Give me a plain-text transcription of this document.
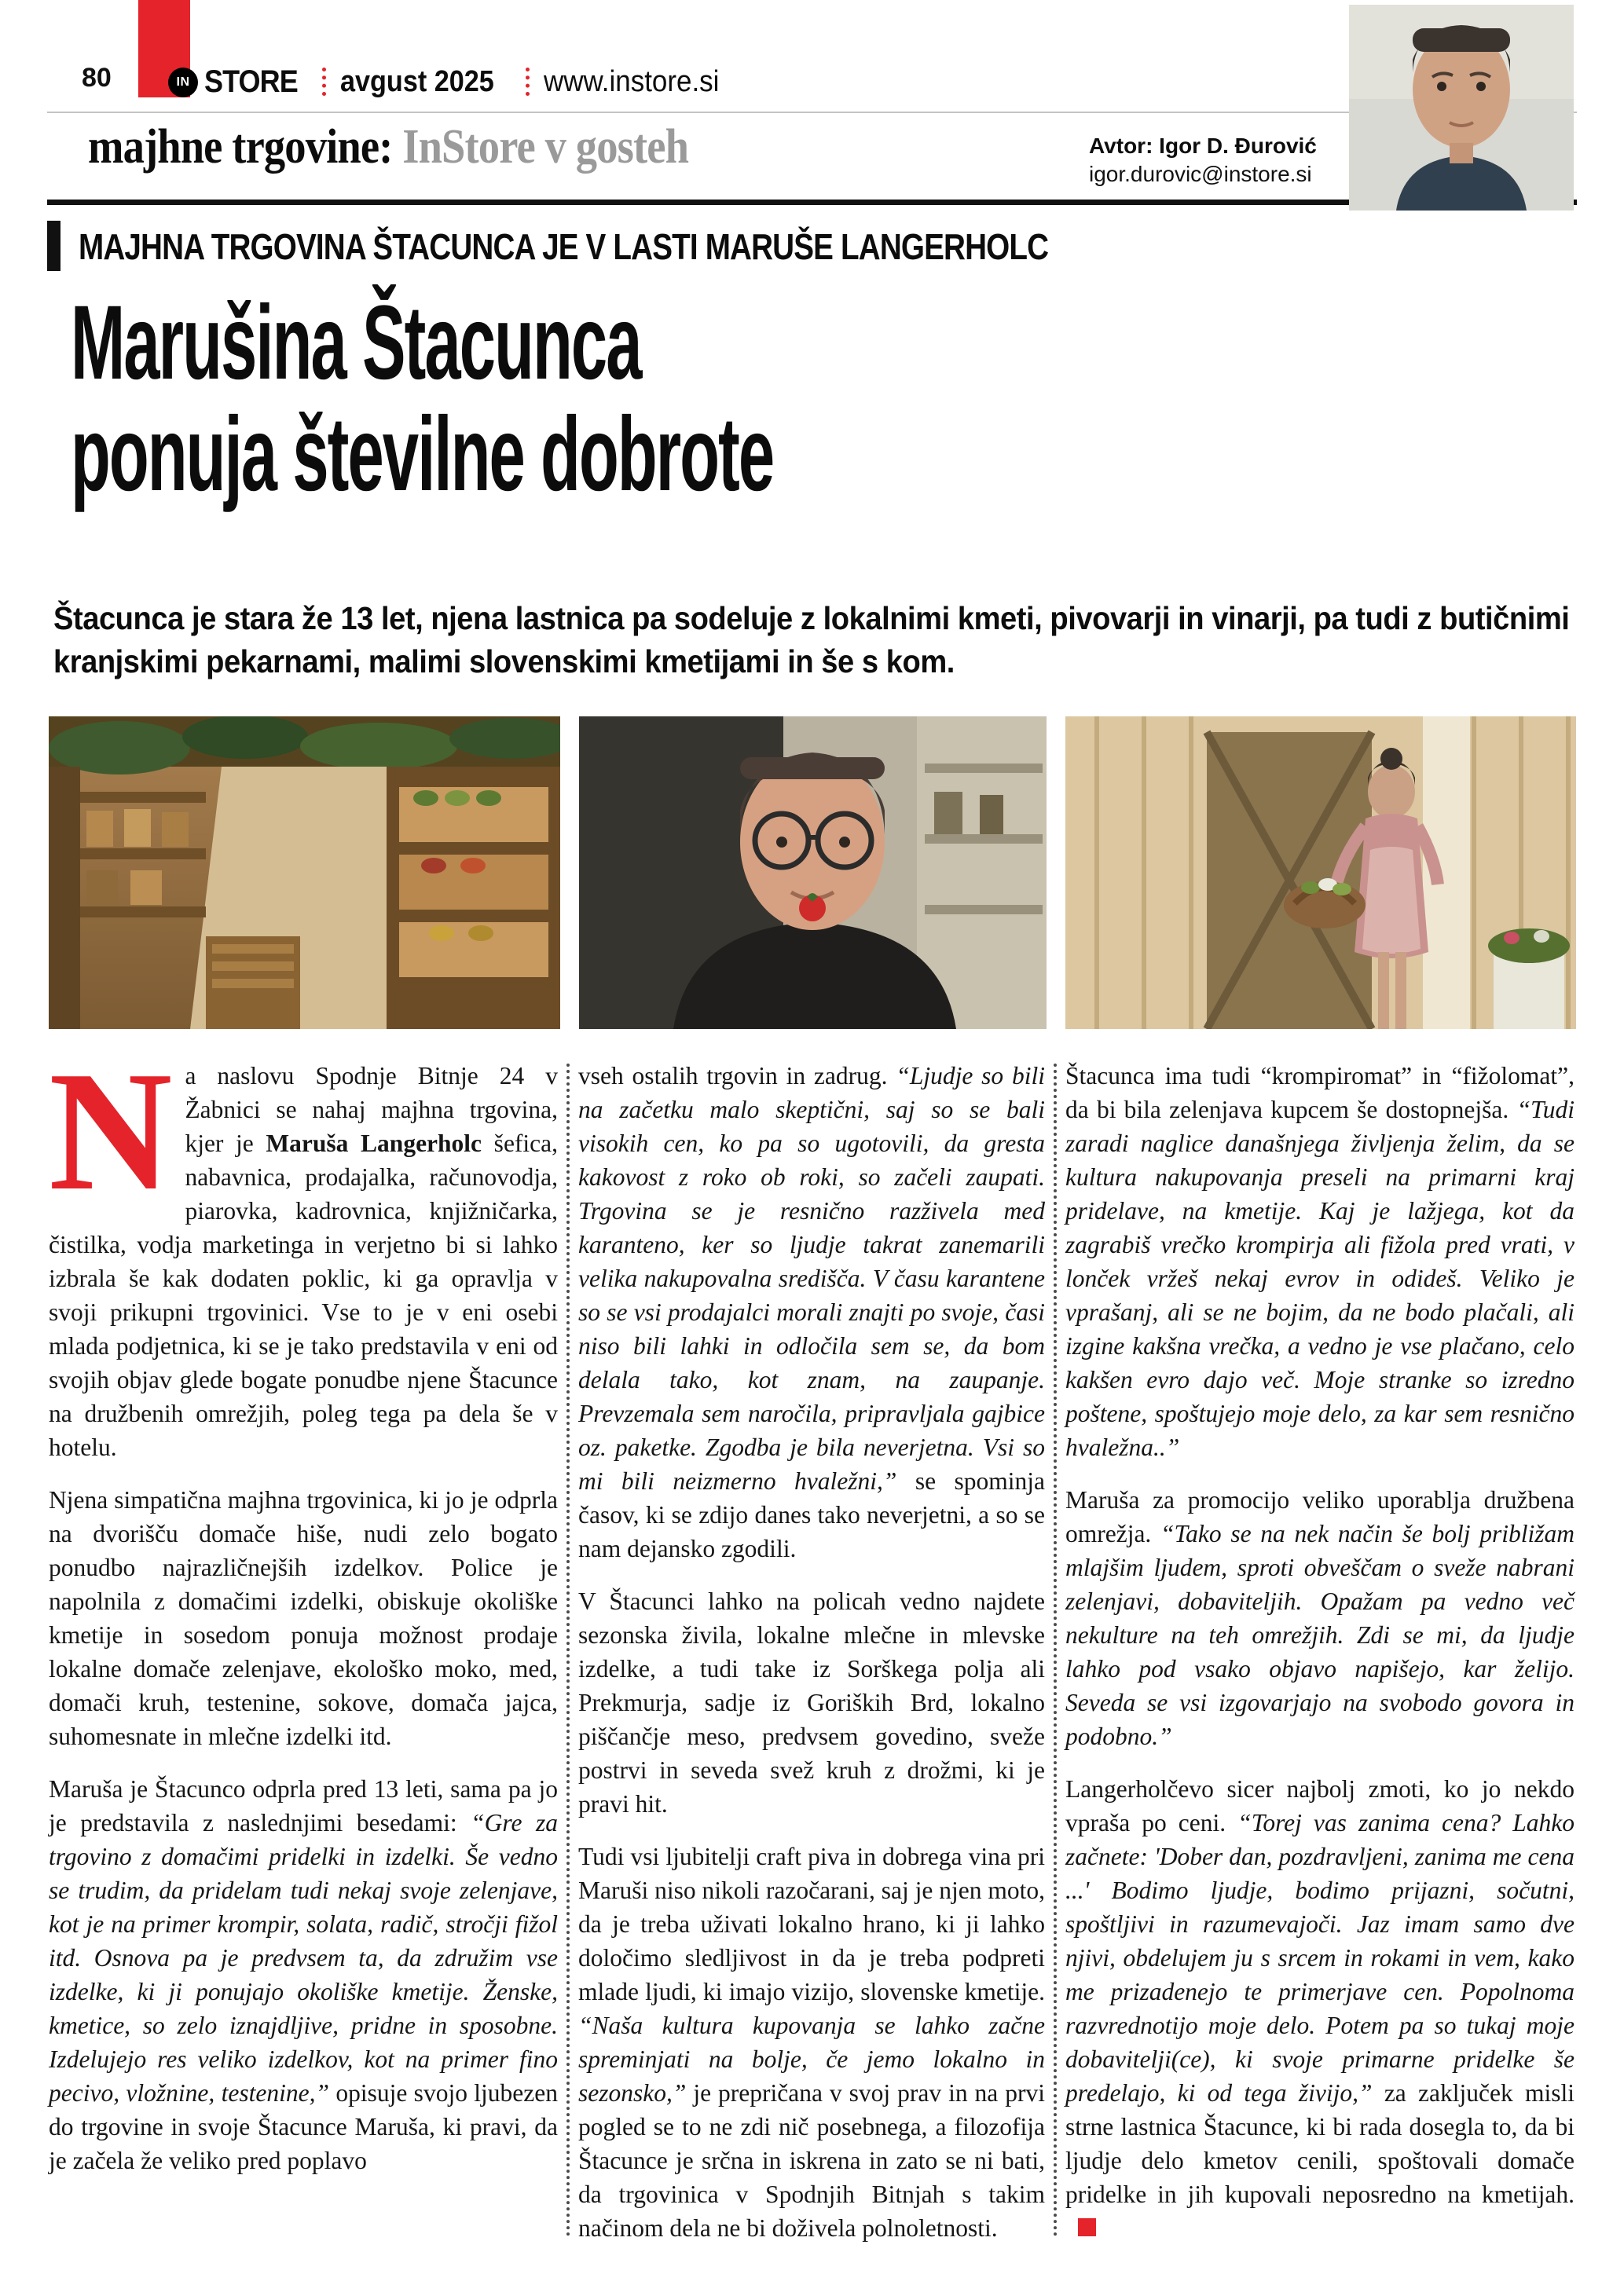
80	IN STORE avgust 2025 www.instore.si
majhne trgovine: InStore v gosteh	Avtor: Igor D. Đurović
igor.durovic@instore.si
MAJHNA TRGOVINA ŠTACUNCA JE V LASTI MARUŠE LANGERHOLC
Marušina Štacunca
ponuja številne dobrote
Štacunca je stara že 13 let, njena lastnica pa sodeluje z lokalnimi kmeti, pivovarji in vinarji, pa tudi z butičnimi kranjskimi pekarnami, malimi slovenskimi kmetijami in še s kom.

Na naslovu Spodnje Bitnje 24 v Žabnici se nahaj majhna trgovina, kjer je Maruša Langerholc šefica, nabavnica, prodajalka, računovodja, piarovka, kadrovnica, knjižničarka, čistilka, vodja marketinga in verjetno bi si lahko izbrala še kak dodaten poklic, ki ga opravlja v svoji prikupni trgovinici. Vse to je v eni osebi mlada podjetnica, ki se je tako predstavila v eni od svojih objav glede bogate ponudbe njene Štacunce na družbenih omrežjih, poleg tega pa dela še v hotelu.

Njena simpatična majhna trgovinica, ki jo je odprla na dvorišču domače hiše, nudi zelo bogato ponudbo najrazličnejših izdelkov. Police je napolnila z domačimi izdelki, obiskuje okoliške kmetije in sosedom ponuja možnost prodaje lokalne domače zelenjave, ekološko moko, med, domači kruh, testenine, sokove, domača jajca, suhomesnate in mlečne izdelki itd.

Maruša je Štacunco odprla pred 13 leti, sama pa jo je predstavila z naslednjimi besedami: “Gre za trgovino z domačimi pridelki in izdelki. Še vedno se trudim, da pridelam tudi nekaj svoje zelenjave, kot je na primer krompir, solata, radič, stročji fižol itd. Osnova pa je predvsem ta, da združim vse izdelke, ki ji ponujajo okoliške kmetije. Ženske, kmetice, so zelo iznajdljive, pridne in sposobne. Izdelujejo res veliko izdelkov, kot na primer fino pecivo, vložnine, testenine,” opisuje svojo ljubezen do trgovine in svoje Štacunce Maruša, ki pravi, da je začela že veliko pred poplavo

vseh ostalih trgovin in zadrug. “Ljudje so bili na začetku malo skeptični, saj so se bali visokih cen, ko pa so ugotovili, da gresta kakovost z roko ob roki, so začeli zaupati. Trgovina se je resnično razživela med karanteno, ker so ljudje takrat zanemarili velika nakupovalna središča. V času karantene so se vsi prodajalci morali znajti po svoje, časi niso bili lahki in odločila sem se, da bom delala tako, kot znam, na zaupanje. Prevzemala sem naročila, pripravljala gajbice oz. paketke. Zgodba je bila neverjetna. Vsi so mi bili neizmerno hvaležni,” se spominja časov, ki se zdijo danes tako neverjetni, a so se nam dejansko zgodili.

V Štacunci lahko na policah vedno najdete sezonska živila, lokalne mlečne in mlevske izdelke, a tudi take iz Sorškega polja ali Prekmurja, sadje iz Goriških Brd, lokalno piščančje meso, predvsem govedino, sveže postrvi in seveda svež kruh z drožmi, ki je pravi hit.

Tudi vsi ljubitelji craft piva in dobrega vina pri Maruši niso nikoli razočarani, saj je njen moto, da je treba uživati lokalno hrano, ki ji lahko določimo sledljivost in da je treba podpreti mlade ljudi, ki imajo vizijo, slovenske kmetije. “Naša kultura kupovanja se lahko začne spreminjati na bolje, če jemo lokalno in sezonsko,” je prepričana v svoj prav in na prvi pogled se to ne zdi nič posebnega, a filozofija Štacunce je srčna in iskrena in zato se ni bati, da trgovinica v Spodnjih Bitnjah s takim načinom dela ne bi doživela polnoletnosti.

Štacunca ima tudi “krompiromat” in “fižolomat”, da bi bila zelenjava kupcem še dostopnejša. “Tudi zaradi naglice današnjega življenja želim, da se kultura nakupovanja preseli na primarni kraj pridelave, na kmetije. Kaj je lažjega, kot da zagrabiš vrečko krompirja ali fižola pred vrati, v lonček vržeš nekaj evrov in odideš. Veliko je vprašanj, ali se ne bojim, da ne bodo plačali, ali izgine kakšna vrečka, a vedno je vse plačano, celo kakšen evro dajo več. Moje stranke so izredno poštene, spoštujejo moje delo, za kar sem resnično hvaležna..”

Maruša za promocijo veliko uporablja družbena omrežja. “Tako se na nek način še bolj približam mlajšim ljudem, sproti obveščam o sveže nabrani zelenjavi, dobaviteljih. Opažam pa vedno več nekulture na teh omrežjih. Zdi se mi, da ljudje lahko pod vsako objavo napišejo, kar želijo. Seveda se vsi izgovarjajo na svobodo govora in podobno.”

Langerholčevo sicer najbolj zmoti, ko jo nekdo vpraša po ceni. “Torej vas zanima cena? Lahko začnete: 'Dober dan, pozdravljeni, zanima me cena ...' Bodimo ljudje, bodimo prijazni, sočutni, spoštljivi in razumevajoči. Jaz imam samo dve njivi, obdelujem ju s srcem in rokami in vem, kako me prizadenejo te primerjave cen. Popolnoma razvrednotijo moje delo. Potem pa so tukaj moje dobavitelji(ce), ki svoje primarne pridelke še predelajo, ki od tega živijo,” za zaključek misli strne lastnica Štacunce, ki bi rada dosegla to, da bi ljudje delo kmetov cenili, spoštovali domače pridelke in jih kupovali neposredno na kmetijah.
